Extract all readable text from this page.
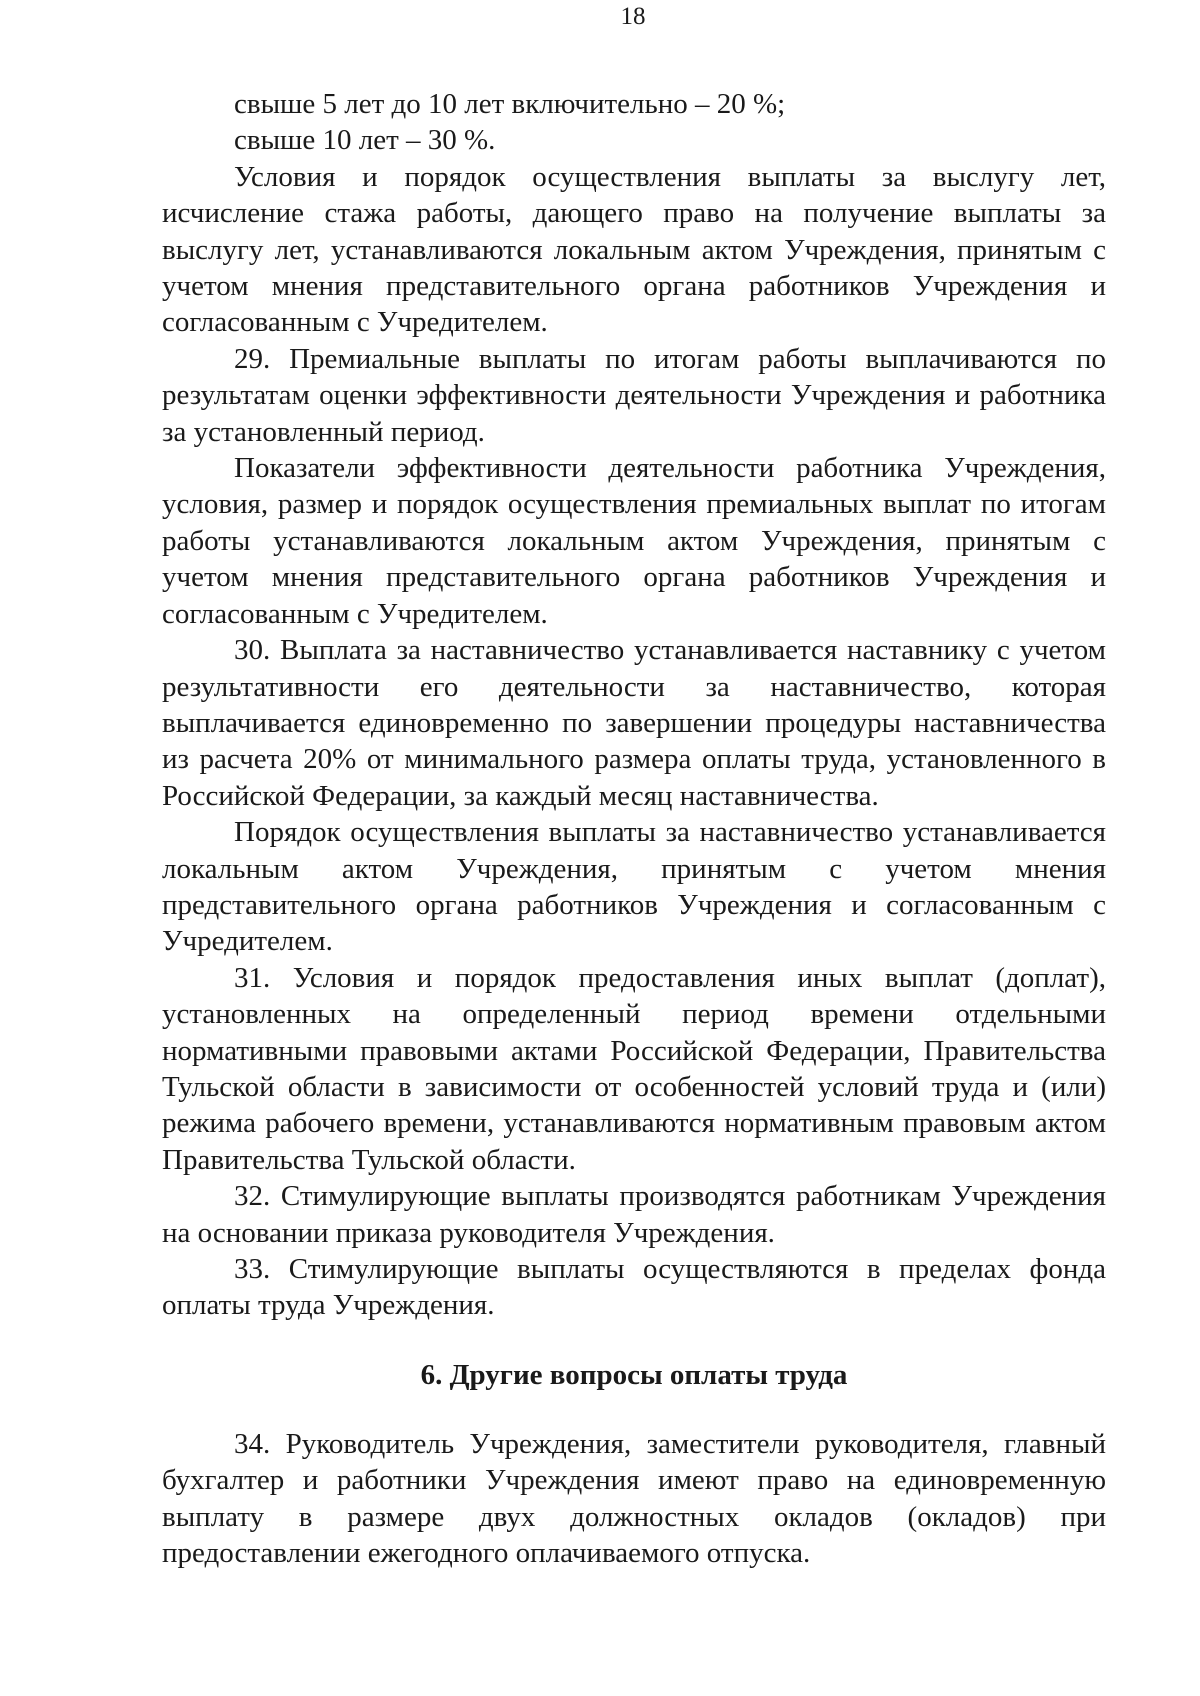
18

свыше 5 лет до 10 лет включительно – 20 %;

свыше 10 лет – 30 %.

Условия и порядок осуществления выплаты за выслугу лет, исчисление стажа работы, дающего право на получение выплаты за выслугу лет, устанавливаются локальным актом Учреждения, принятым с учетом мнения представительного органа работников Учреждения и согласованным с Учредителем.

29. Премиальные выплаты по итогам работы выплачиваются по результатам оценки эффективности деятельности Учреждения и работника за установленный период.

Показатели эффективности деятельности работника Учреждения, условия, размер и порядок осуществления премиальных выплат по итогам работы устанавливаются локальным актом Учреждения, принятым с учетом мнения представительного органа работников Учреждения и согласованным с Учредителем.

30. Выплата за наставничество устанавливается наставнику с учетом результативности его деятельности за наставничество, которая выплачивается единовременно по завершении процедуры наставничества из расчета 20% от минимального размера оплаты труда, установленного в Российской Федерации, за каждый месяц наставничества.

Порядок осуществления выплаты за наставничество устанавливается локальным актом Учреждения, принятым с учетом мнения представительного органа работников Учреждения и согласованным с Учредителем.

31. Условия и порядок предоставления иных выплат (доплат), установленных на определенный период времени отдельными нормативными правовыми актами Российской Федерации, Правительства Тульской области в зависимости от особенностей условий труда и (или) режима рабочего времени, устанавливаются нормативным правовым актом Правительства Тульской области.

32. Стимулирующие выплаты производятся работникам Учреждения на основании приказа руководителя Учреждения.

33. Стимулирующие выплаты осуществляются в пределах фонда оплаты труда Учреждения.

6. Другие вопросы оплаты труда

34. Руководитель Учреждения, заместители руководителя, главный бухгалтер и работники Учреждения имеют право на единовременную выплату в размере двух должностных окладов (окладов) при предоставлении ежегодного оплачиваемого отпуска.
